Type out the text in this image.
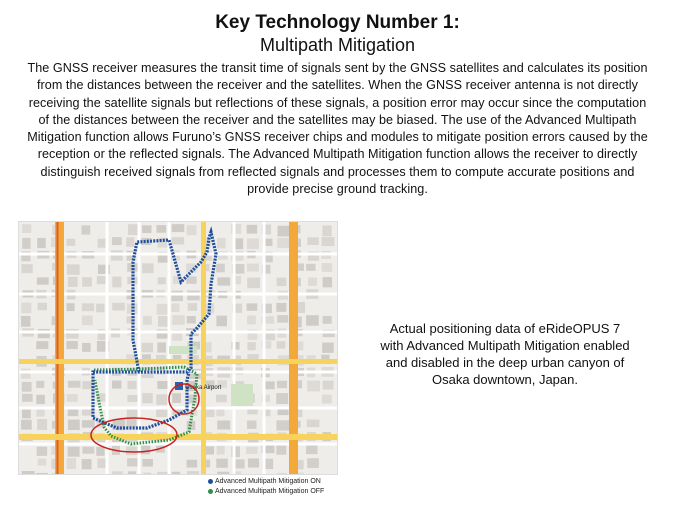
Key Technology Number 1:
Multipath Mitigation
The GNSS receiver measures the transit time of signals sent by the GNSS satellites and calculates its position from the distances between the receiver and the satellites. When the GNSS receiver antenna is not directly receiving the satellite signals but reflections of these signals, a position error may occur since the computation of the distances between the receiver and the satellites may be biased. The use of the Advanced Multipath Mitigation function allows Furuno’s GNSS receiver chips and modules to mitigate position errors caused by the reception or the reflected signals. The Advanced Multipath Mitigation function allows the receiver to directly distinguish received signals from reflected signals and processes them to compute accurate positions and provide precise ground tracking.
Osaka Airport
Advanced Multipath Mitigation ON
Advanced Multipath Mitigation OFF
Actual positioning data of eRideOPUS 7 with Advanced Multipath Mitigation enabled and disabled in the deep urban canyon of Osaka downtown, Japan.
